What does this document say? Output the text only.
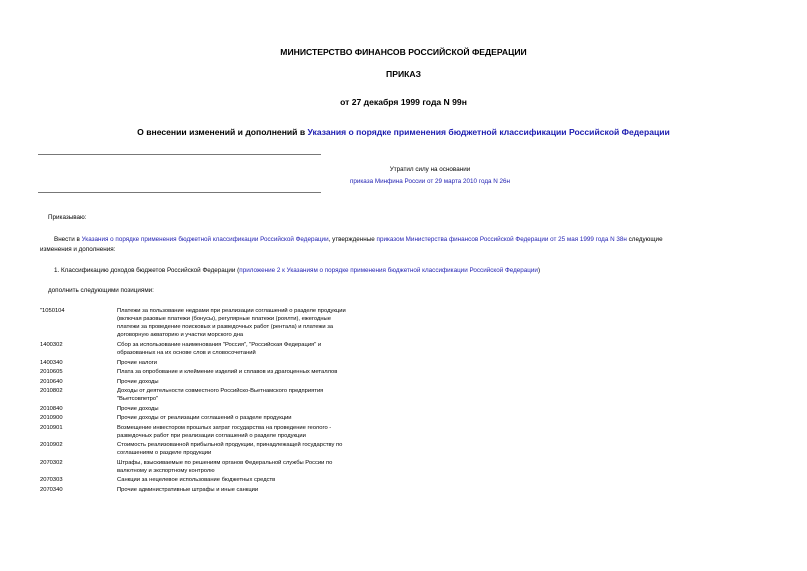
МИНИСТЕРСТВО ФИНАНСОВ РОССИЙСКОЙ ФЕДЕРАЦИИ
ПРИКАЗ
от 27 декабря 1999 года N 99н
О внесении изменений и дополнений в Указания о порядке применения бюджетной классификации Российской Федерации
Утратил силу на основании
приказа Минфина России от 29 марта 2010 года N 26н
Приказываю:
Внести в Указания о порядке применения бюджетной классификации Российской Федерации, утвержденные приказом Министерства финансов Российской Федерации от 25 мая 1999 года N 38н следующие
изменения и дополнения:
1. Классификацию доходов бюджетов Российской Федерации (приложение 2 к Указаниям о порядке применения бюджетной классификации Российской Федерации)
дополнить следующими позициями:
"1050104	Платежи за пользование недрами при реализации соглашений о разделе продукции (включая разовые платежи (бонусы), регулярные платежи (роялти), ежегодные платежи за проведение поисковых и разведочных работ (рентала) и платежи за договорную акваторию и участки морского дна
1400302	Сбор за использование наименования "Россия", "Российская Федерация" и образованных на их основе слов и словосочетаний
1400340	Прочие налоги
2010605	Плата за опробование и клеймение изделий и сплавов из драгоценных металлов
2010640	Прочие доходы
2010802	Доходы от деятельности совместного Российско-Вьетнамского предприятия "Вьетсовпетро"
2010840	Прочие доходы
2010900	Прочие доходы от реализации соглашений о разделе продукции
2010901	Возмещение инвестором прошлых затрат государства на проведение геолого - разведочных работ при реализации соглашений о разделе продукции
2010902	Стоимость реализованной прибыльной продукции, принадлежащей государству по соглашениям о разделе продукции
2070302	Штрафы, взыскиваемые по решениям органов Федеральной службы России по валютному и экспортному контролю
2070303	Санкции за нецелевое использование бюджетных средств
2070340	Прочие административные штрафы и иные санкции
